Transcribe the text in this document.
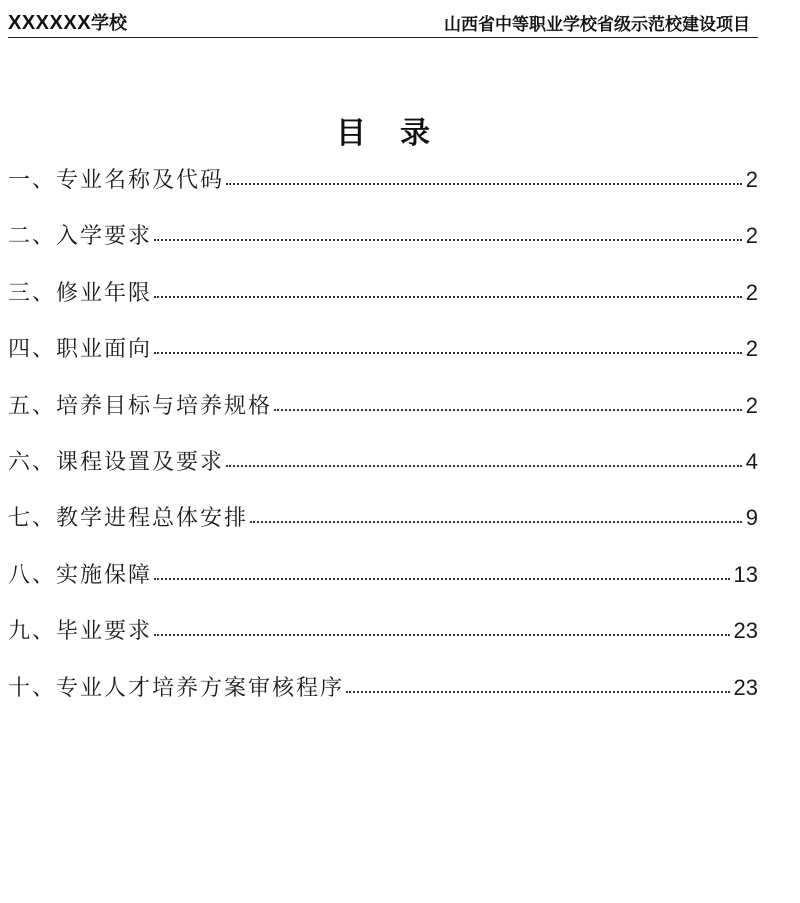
XXXXXX学校	山西省中等职业学校省级示范校建设项目
目录
一、专业名称及代码	2
二、入学要求	2
三、修业年限	2
四、职业面向	2
五、培养目标与培养规格	2
六、课程设置及要求	4
七、教学进程总体安排	9
八、实施保障	13
九、毕业要求	23
十、专业人才培养方案审核程序	23
